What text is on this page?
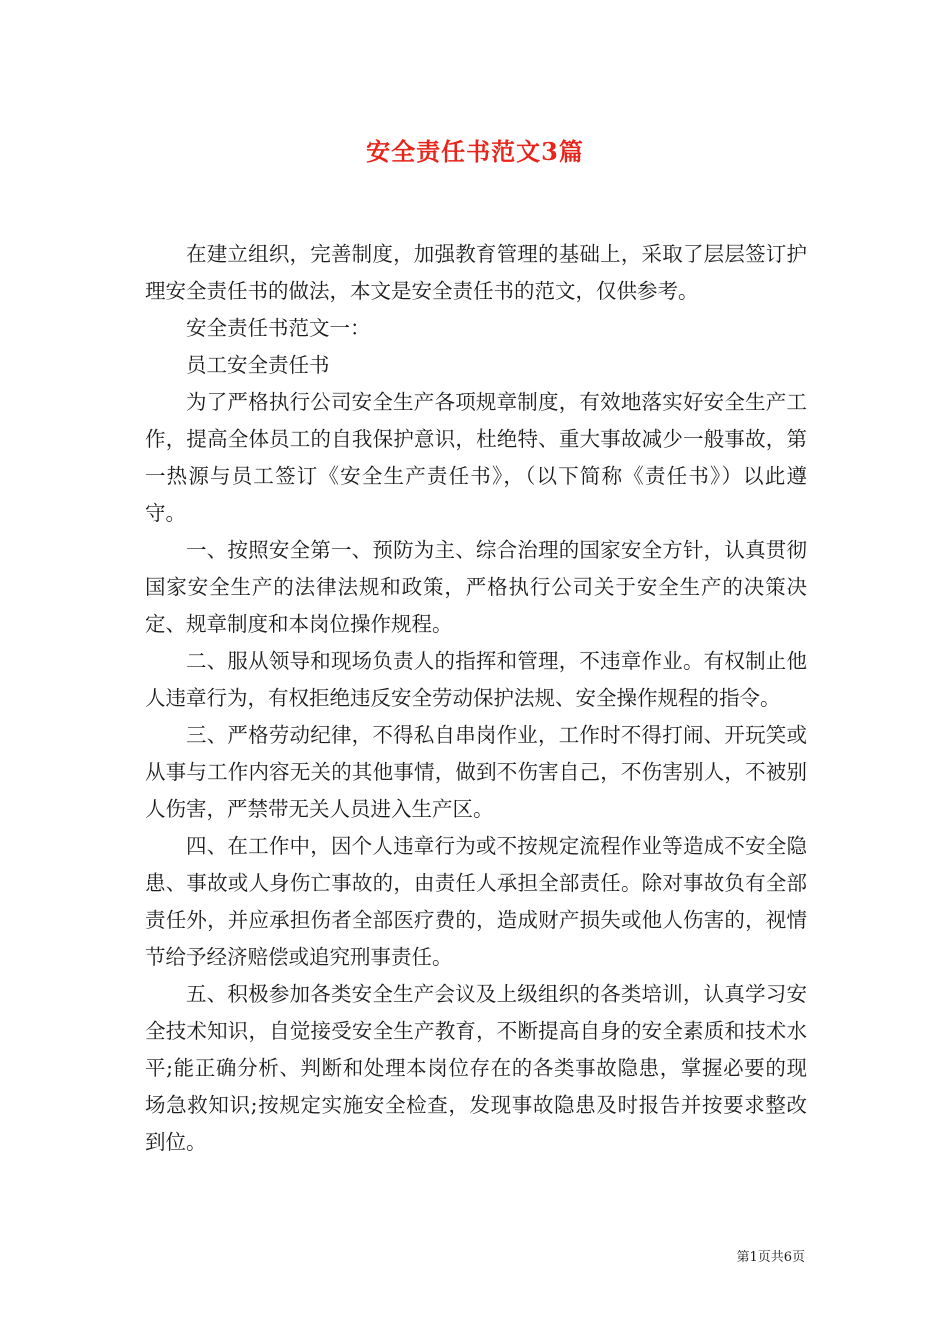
安全责任书范文3篇

在建立组织，完善制度，加强教育管理的基础上，采取了层层签订护理安全责任书的做法，本文是安全责任书的范文，仅供参考。

安全责任书范文一：

员工安全责任书

为了严格执行公司安全生产各项规章制度，有效地落实好安全生产工作，提高全体员工的自我保护意识，杜绝特、重大事故减少一般事故，第一热源与员工签订《安全生产责任书》，（以下简称《责任书》）以此遵守。

一、按照安全第一、预防为主、综合治理的国家安全方针，认真贯彻国家安全生产的法律法规和政策，严格执行公司关于安全生产的决策决定、规章制度和本岗位操作规程。

二、服从领导和现场负责人的指挥和管理，不违章作业。有权制止他人违章行为，有权拒绝违反安全劳动保护法规、安全操作规程的指令。

三、严格劳动纪律，不得私自串岗作业，工作时不得打闹、开玩笑或从事与工作内容无关的其他事情，做到不伤害自己，不伤害别人，不被别人伤害，严禁带无关人员进入生产区。

四、在工作中，因个人违章行为或不按规定流程作业等造成不安全隐患、事故或人身伤亡事故的，由责任人承担全部责任。除对事故负有全部责任外，并应承担伤者全部医疗费的，造成财产损失或他人伤害的，视情节给予经济赔偿或追究刑事责任。

五、积极参加各类安全生产会议及上级组织的各类培训，认真学习安全技术知识，自觉接受安全生产教育，不断提高自身的安全素质和技术水平;能正确分析、判断和处理本岗位存在的各类事故隐患，掌握必要的现场急救知识;按规定实施安全检查，发现事故隐患及时报告并按要求整改到位。

第1页共6页
